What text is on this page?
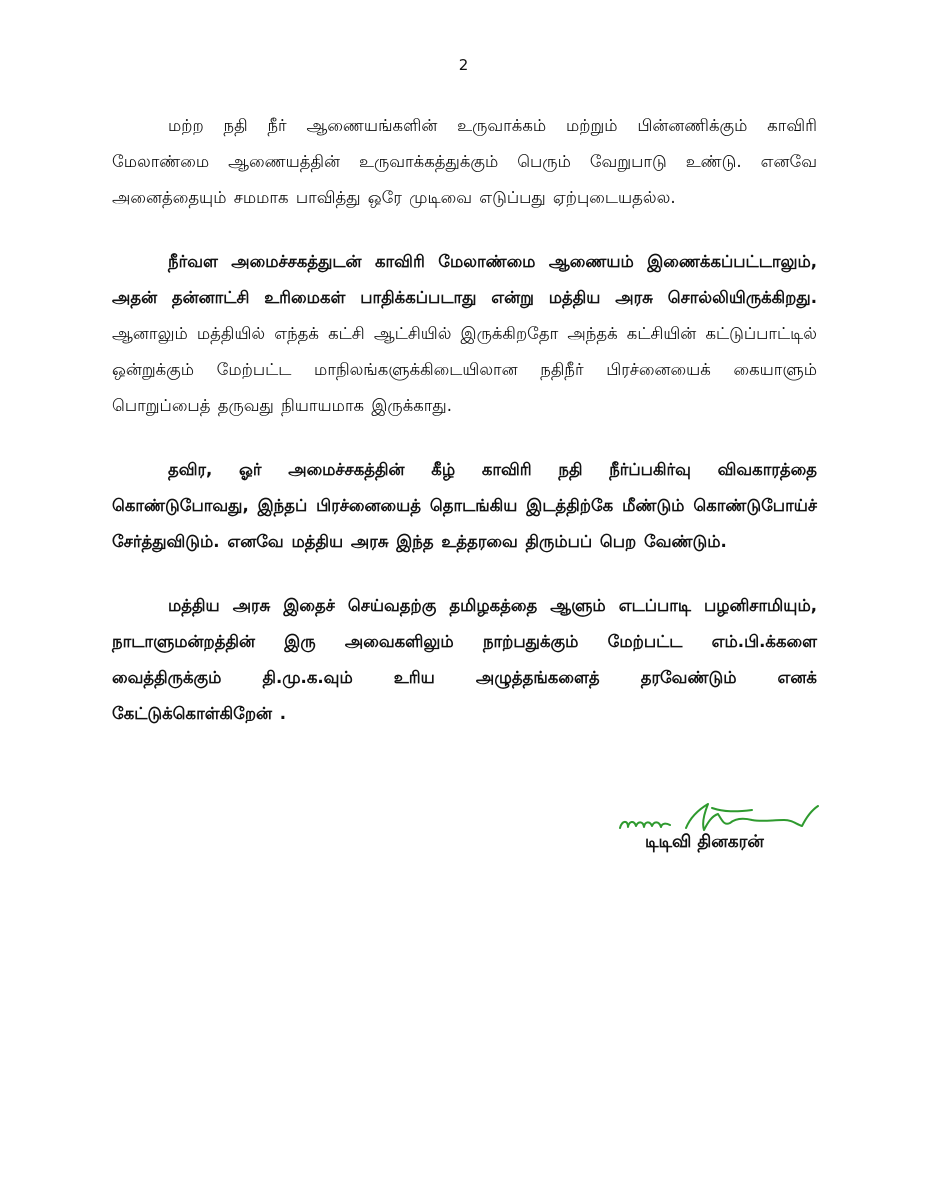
2

மற்ற நதி நீர் ஆணையங்களின் உருவாக்கம் மற்றும் பின்னணிக்கும் காவிரி மேலாண்மை ஆணையத்தின் உருவாக்கத்துக்கும் பெரும் வேறுபாடு உண்டு. எனவே அனைத்தையும் சமமாக பாவித்து ஒரே முடிவை எடுப்பது ஏற்புடையதல்ல.

நீர்வள அமைச்சகத்துடன் காவிரி மேலாண்மை ஆணையம் இணைக்கப்பட்டாலும், அதன் தன்னாட்சி உரிமைகள் பாதிக்கப்படாது என்று மத்திய அரசு சொல்லியிருக்கிறது. ஆனாலும் மத்தியில் எந்தக் கட்சி ஆட்சியில் இருக்கிறதோ அந்தக் கட்சியின் கட்டுப்பாட்டில் ஒன்றுக்கும் மேற்பட்ட மாநிலங்களுக்கிடையிலான நதிநீர் பிரச்னையைக் கையாளும் பொறுப்பைத் தருவது நியாயமாக இருக்காது.

தவிர, ஓர் அமைச்சகத்தின் கீழ் காவிரி நதி நீர்ப்பகிர்வு விவகாரத்தை கொண்டுபோவது, இந்தப் பிரச்னையைத் தொடங்கிய இடத்திற்கே மீண்டும் கொண்டுபோய்ச் சேர்த்துவிடும். எனவே மத்திய அரசு இந்த உத்தரவை திரும்பப் பெற வேண்டும்.

மத்திய அரசு இதைச் செய்வதற்கு தமிழகத்தை ஆளும் எடப்பாடி பழனிசாமியும், நாடாளுமன்றத்தின் இரு அவைகளிலும் நாற்பதுக்கும் மேற்பட்ட எம்.பி.க்களை வைத்திருக்கும் தி.மு.க.வும் உரிய அழுத்தங்களைத் தரவேண்டும் எனக் கேட்டுக்கொள்கிறேன் .

டிடிவி தினகரன்
